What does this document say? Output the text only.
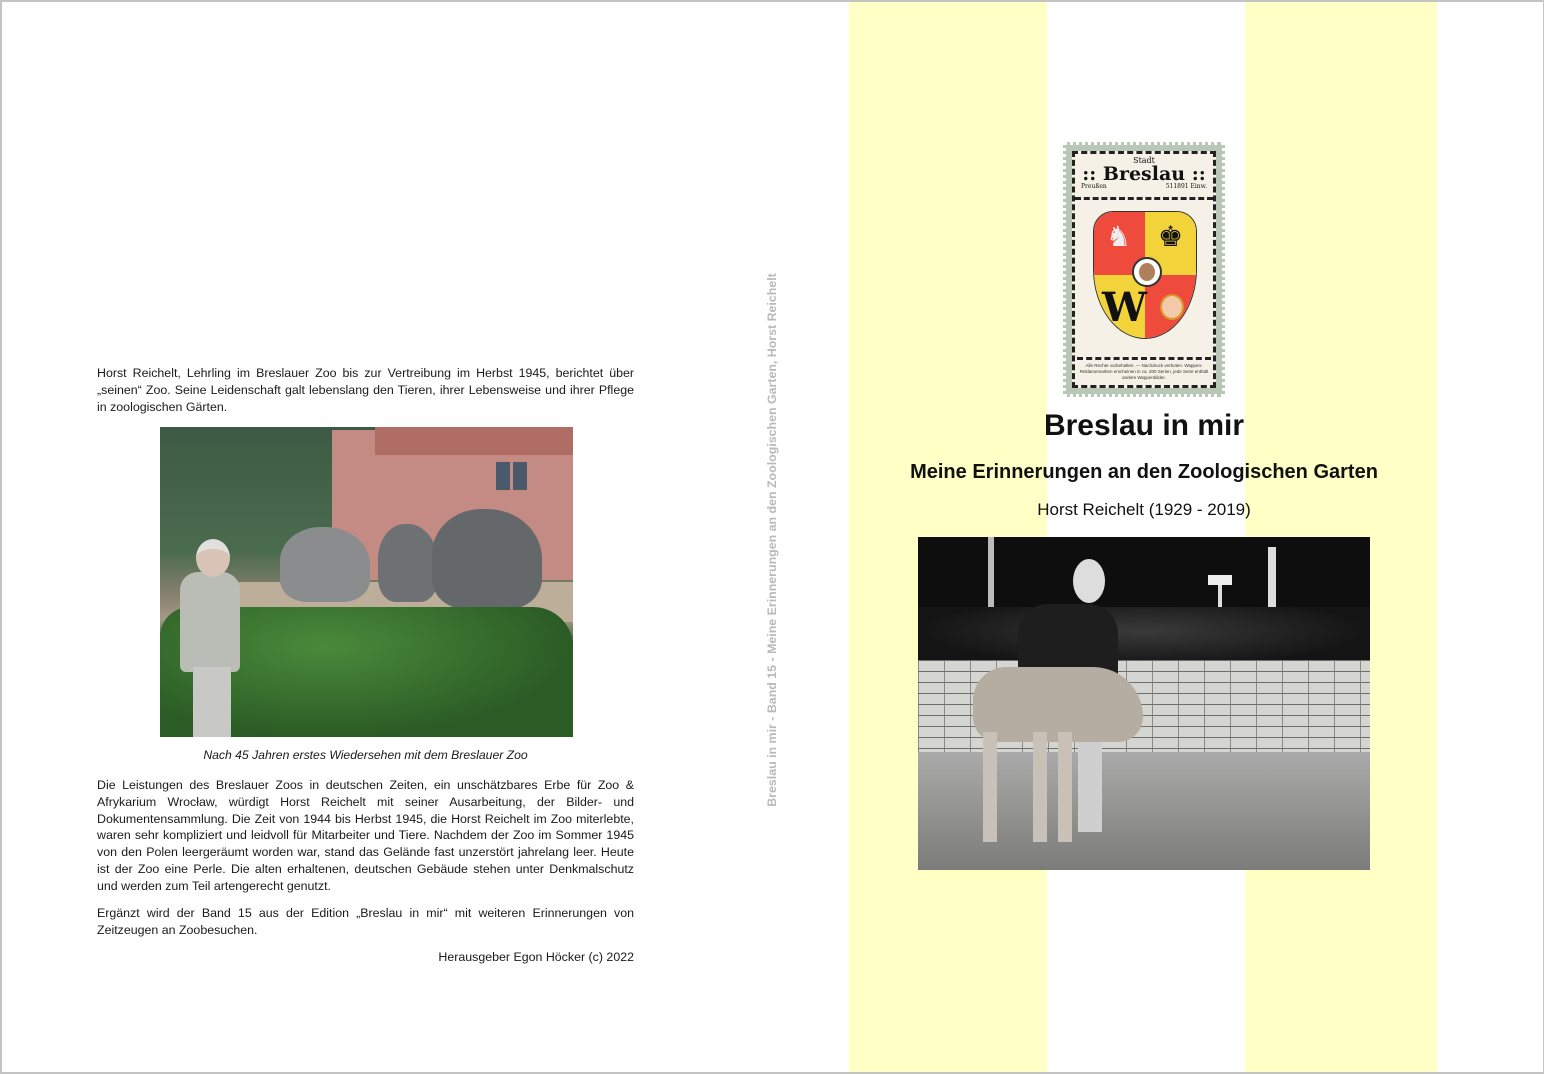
Horst Reichelt, Lehrling im Breslauer Zoo bis zur Vertreibung im Herbst 1945, berichtet über „seinen“ Zoo. Seine Leidenschaft galt lebenslang den Tieren, ihrer Lebensweise und ihrer Pflege in zoologischen Gärten.

Nach 45 Jahren erstes Wiedersehen mit dem Breslauer Zoo

Die Leistungen des Breslauer Zoos in deutschen Zeiten, ein unschätzbares Erbe für Zoo & Afrykarium Wrocław, würdigt Horst Reichelt mit seiner Ausarbeitung, der Bilder- und Dokumentensammlung. Die Zeit von 1944 bis Herbst 1945, die Horst Reichelt im Zoo miterlebte, waren sehr kompliziert und leidvoll für Mitarbeiter und Tiere. Nachdem der Zoo im Sommer 1945 von den Polen leergeräumt worden war, stand das Gelände fast unzerstört jahrelang leer. Heute ist der Zoo eine Perle. Die alten erhaltenen, deutschen Gebäude stehen unter Denkmalschutz und werden zum Teil artengerecht genutzt.

Ergänzt wird der Band 15 aus der Edition „Breslau in mir“ mit weiteren Erinnerungen von Zeitzeugen an Zoobesuchen.

Herausgeber Egon Höcker (c) 2022

Breslau in mir - Band 15 - Meine Erinnerungen an den Zoologischen Garten, Horst Reichelt
Stadt
:: Breslau ::
Preußen	511891 Einw.
♞ ♚
W
Alle Rechte vorbehalten. — Nachdruck verboten. Wappen-Reklamemarken erscheinen in ca. 200 Serien, jede Serie enthält andere Wappenbilder.
Breslau in mir
Meine Erinnerungen an den Zoologischen Garten

Horst Reichelt (1929 - 2019)
